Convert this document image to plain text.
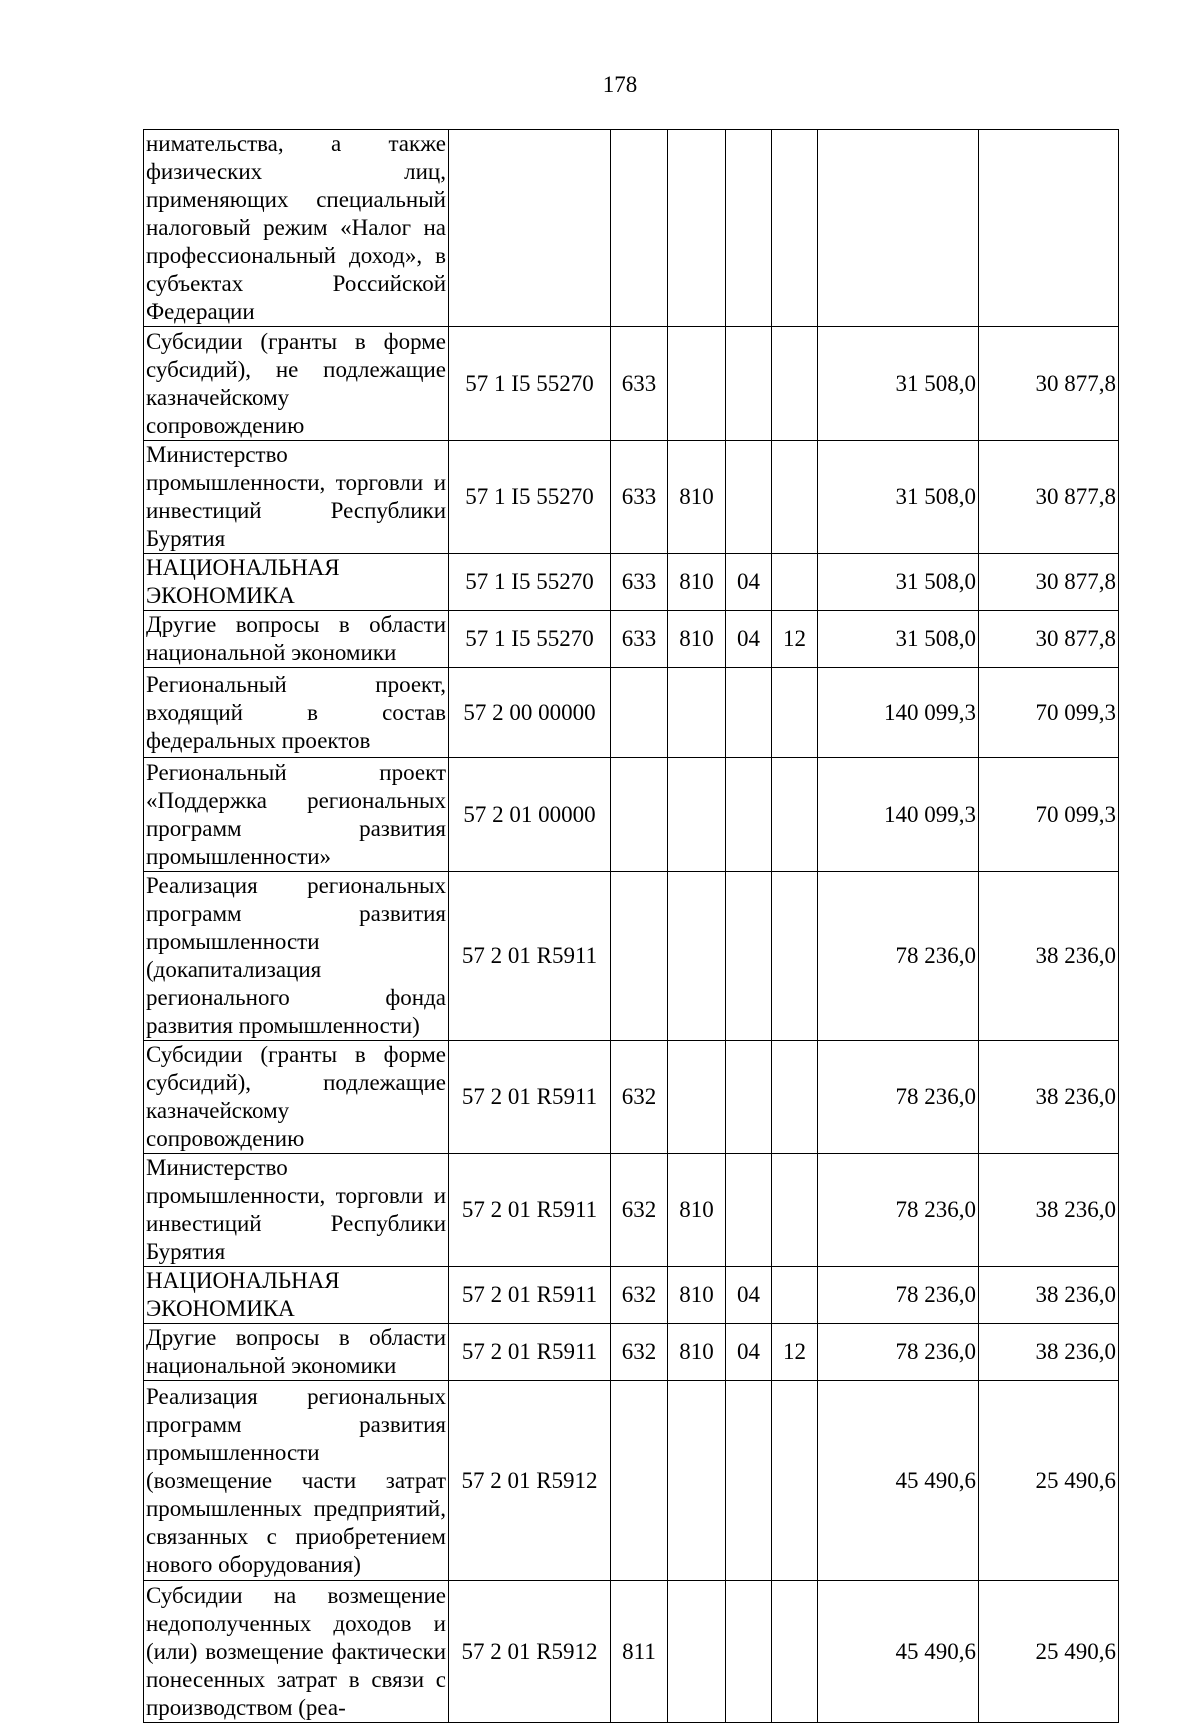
178
нимательства, а также физических лиц, применяющих специальный налоговый режим «Налог на профессиональный доход», в субъектах Российской Федерации							
Субсидии (гранты в форме субсидий), не подлежащие казначейскому сопровождению	57 1 I5 55270	633				31 508,0	30 877,8
Министерство промышленности, торговли и инвестиций Республики Бурятия	57 1 I5 55270	633	810			31 508,0	30 877,8
НАЦИОНАЛЬНАЯ ЭКОНОМИКА	57 1 I5 55270	633	810	04		31 508,0	30 877,8
Другие вопросы в области национальной экономики	57 1 I5 55270	633	810	04	12	31 508,0	30 877,8
Региональный проект, входящий в состав федеральных проектов	57 2 00 00000					140 099,3	70 099,3
Региональный проект «Поддержка региональных программ развития промышленности»	57 2 01 00000					140 099,3	70 099,3
Реализация региональных программ развития промышленности (докапитализация регионального фонда развития промышленности)	57 2 01 R5911					78 236,0	38 236,0
Субсидии (гранты в форме субсидий), подлежащие казначейскому сопровождению	57 2 01 R5911	632				78 236,0	38 236,0
Министерство промышленности, торговли и инвестиций Республики Бурятия	57 2 01 R5911	632	810			78 236,0	38 236,0
НАЦИОНАЛЬНАЯ ЭКОНОМИКА	57 2 01 R5911	632	810	04		78 236,0	38 236,0
Другие вопросы в области национальной экономики	57 2 01 R5911	632	810	04	12	78 236,0	38 236,0
Реализация региональных программ развития промышленности (возмещение части затрат промышленных предприятий, связанных с приобретением нового оборудования)	57 2 01 R5912					45 490,6	25 490,6
Субсидии на возмещение недополученных доходов и (или) возмещение фактически понесенных затрат в связи с производством (реа-	57 2 01 R5912	811				45 490,6	25 490,6
